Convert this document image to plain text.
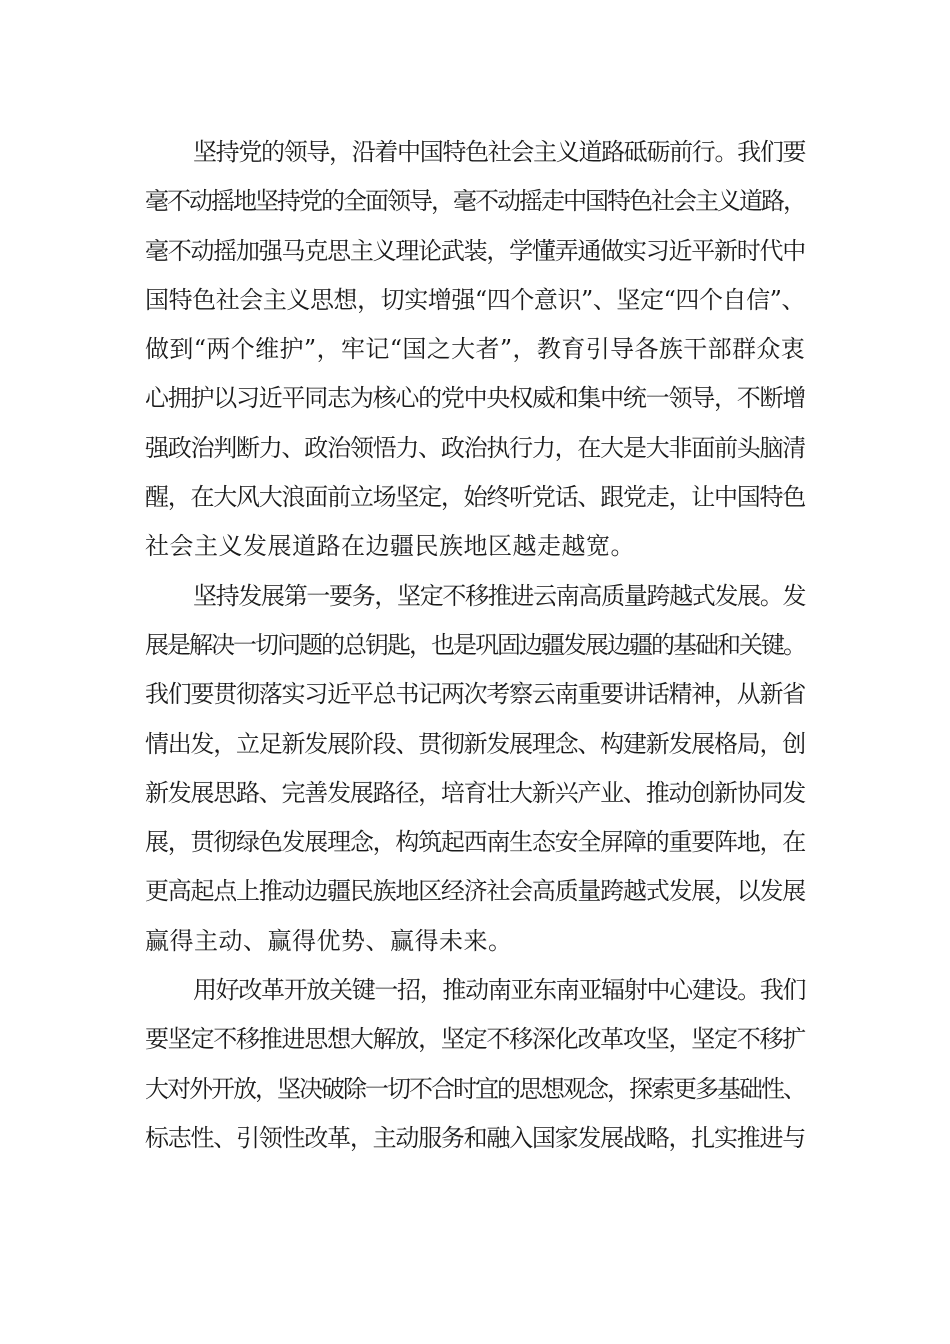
坚持党的领导，沿着中国特色社会主义道路砥砺前行。我们要
毫不动摇地坚持党的全面领导，毫不动摇走中国特色社会主义道路，
毫不动摇加强马克思主义理论武装，学懂弄通做实习近平新时代中
国特色社会主义思想，切实增强“四个意识”、坚定“四个自信”、
做到“两个维护”，牢记“国之大者”，教育引导各族干部群众衷
心拥护以习近平同志为核心的党中央权威和集中统一领导，不断增
强政治判断力、政治领悟力、政治执行力，在大是大非面前头脑清
醒，在大风大浪面前立场坚定，始终听党话、跟党走，让中国特色
社会主义发展道路在边疆民族地区越走越宽。
坚持发展第一要务，坚定不移推进云南高质量跨越式发展。发
展是解决一切问题的总钥匙，也是巩固边疆发展边疆的基础和关键。
我们要贯彻落实习近平总书记两次考察云南重要讲话精神，从新省
情出发，立足新发展阶段、贯彻新发展理念、构建新发展格局，创
新发展思路、完善发展路径，培育壮大新兴产业、推动创新协同发
展，贯彻绿色发展理念，构筑起西南生态安全屏障的重要阵地，在
更高起点上推动边疆民族地区经济社会高质量跨越式发展，以发展
赢得主动、赢得优势、赢得未来。
用好改革开放关键一招，推动南亚东南亚辐射中心建设。我们
要坚定不移推进思想大解放，坚定不移深化改革攻坚，坚定不移扩
大对外开放，坚决破除一切不合时宜的思想观念，探索更多基础性、
标志性、引领性改革，主动服务和融入国家发展战略，扎实推进与
